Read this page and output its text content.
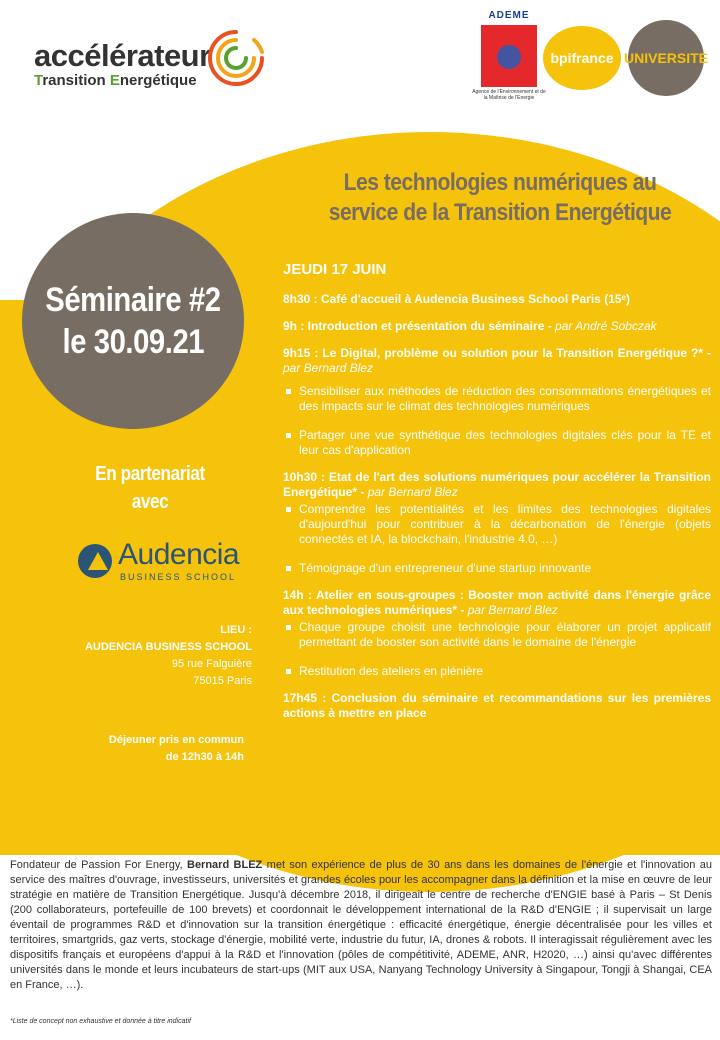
accélérateur
Transition Energétique
ADEME
Agence de l'Environnement et de la Maîtrise de l'Energie
bpifrance UNIVERSITE
Les technologies numériques au
service de la Transition Energétique
Séminaire #2
le 30.09.21
En partenariat
avec
Audencia
BUSINESS SCHOOL
LIEU :
AUDENCIA BUSINESS SCHOOL
95 rue Falguière
75015 Paris
Déjeuner pris en commun
de 12h30 à 14h
JEUDI 17 JUIN
8h30 : Café d'accueil à Audencia Business School Paris (15ᵉ)
9h : Introduction et présentation du séminaire - par André Sobczak
9h15 : Le Digital, problème ou solution pour la Transition Energétique ?* - par Bernard Blez
Sensibiliser aux méthodes de réduction des consommations énergétiques et des impacts sur le climat des technologies numériques
Partager une vue synthétique des technologies digitales clés pour la TE et leur cas d'application
10h30 : Etat de l'art des solutions numériques pour accélérer la Transition Energétique* - par Bernard Blez
Comprendre les potentialités et les limites des technologies digitales d'aujourd'hui pour contribuer à la décarbonation de l'énergie (objets connectés et IA, la blockchain, l'industrie 4.0, …)
Témoignage d'un entrepreneur d'une startup innovante
14h : Atelier en sous-groupes : Booster mon activité dans l'énergie grâce aux technologies numériques* - par Bernard Blez
Chaque groupe choisit une technologie pour élaborer un projet applicatif permettant de booster son activité dans le domaine de l'énergie
Restitution des ateliers en plénière
17h45 : Conclusion du séminaire et recommandations sur les premières actions à mettre en place
Fondateur de Passion For Energy, Bernard BLEZ met son expérience de plus de 30 ans dans les domaines de l'énergie et l'innovation au service des maîtres d'ouvrage, investisseurs, universités et grandes écoles pour les accompagner dans la définition et la mise en œuvre de leur stratégie en matière de Transition Energétique. Jusqu'à décembre 2018, il dirigeait le centre de recherche d'ENGIE basé à Paris – St Denis (200 collaborateurs, portefeuille de 100 brevets) et coordonnait le développement international de la R&D d'ENGIE ; il supervisait un large éventail de programmes R&D et d'innovation sur la transition énergétique : efficacité énergétique, énergie décentralisée pour les villes et territoires, smartgrids, gaz verts, stockage d'énergie, mobilité verte, industrie du futur, IA, drones & robots. Il interagissait régulièrement avec les dispositifs français et européens d'appui à la R&D et l'innovation (pôles de compétitivité, ADEME, ANR, H2020, …) ainsi qu'avec différentes universités dans le monde et leurs incubateurs de start-ups (MIT aux USA, Nanyang Technology University à Singapour, Tongji à Shangai, CEA en France, …).
*Liste de concept non exhaustive et donnée à titre indicatif
